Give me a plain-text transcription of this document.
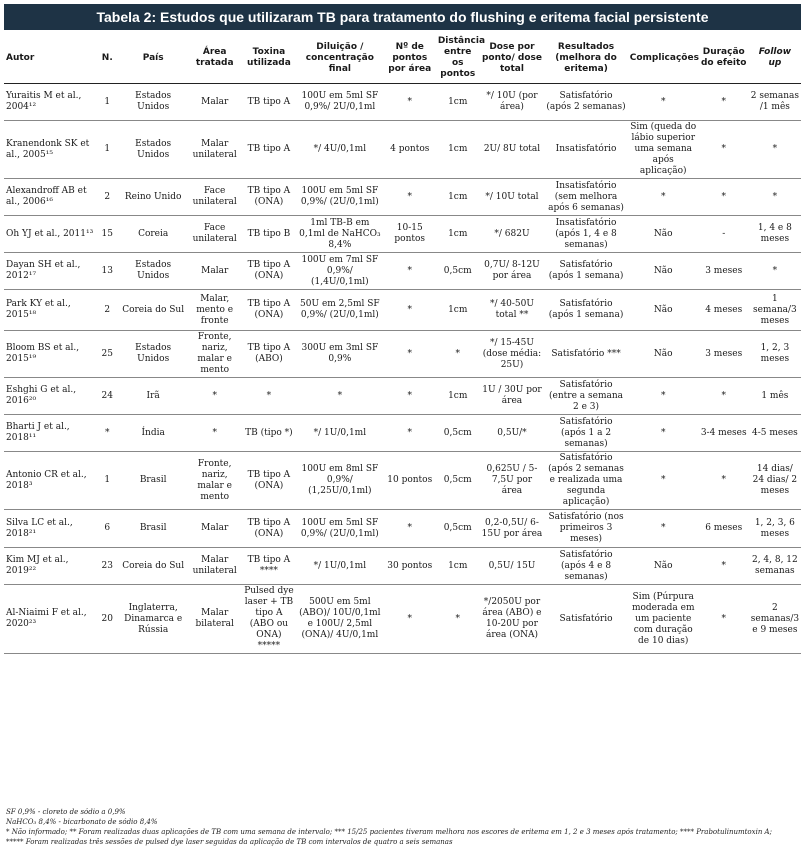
Tabela 2: Estudos que utilizaram TB para tratamento do flushing e eritema facial persistente
Autor	N.	País	Área tratada	Toxina utilizada	Diluição / concentração final	Nº de pontos por área	Distância entre os pontos	Dose por ponto/ dose total	Resultados (melhora do eritema)	Complicações	Duração do efeito	Follow up
Yuraitis M et al., 2004¹²	1	Estados Unidos	Malar	TB tipo A	100U em 5ml SF 0,9%/ 2U/0,1ml	*	1cm	*/ 10U (por área)	Satisfatório (após 2 semanas)	*	*	2 semanas /1 mês
Kranendonk SK et al., 2005¹⁵	1	Estados Unidos	Malar unilateral	TB tipo A	*/ 4U/0,1ml	4 pontos	1cm	2U/ 8U total	Insatisfatório	Sim (queda do lábio superior uma semana após aplicação)	*	*
Alexandroff AB et al., 2006¹⁶	2	Reino Unido	Face unilateral	TB tipo A (ONA)	100U em 5ml SF 0,9%/ (2U/0,1ml)	*	1cm	*/ 10U total	Insatisfatório (sem melhora após 6 semanas)	*	*	*
Oh YJ et al., 2011¹³	15	Coreia	Face unilateral	TB tipo B	1ml TB-B em 0,1ml de NaHCO₃ 8,4%	10-15 pontos	1cm	*/ 682U	Insatisfatório (após 1, 4 e 8 semanas)	Não	-	1, 4 e 8 meses
Dayan SH et al., 2012¹⁷	13	Estados Unidos	Malar	TB tipo A (ONA)	100U em 7ml SF 0,9%/ (1,4U/0,1ml)	*	0,5cm	0,7U/ 8-12U por área	Satisfatório (após 1 semana)	Não	3 meses	*
Park KY et al., 2015¹⁸	2	Coreia do Sul	Malar, mento e fronte	TB tipo A (ONA)	50U em 2,5ml SF 0,9%/ (2U/0,1ml)	*	1cm	*/ 40-50U total **	Satisfatório (após 1 semana)	Não	4 meses	1 semana/3 meses
Bloom BS et al., 2015¹⁹	25	Estados Unidos	Fronte, nariz, malar e mento	TB tipo A (ABO)	300U em 3ml SF 0,9%	*	*	*/ 15-45U (dose média: 25U)	Satisfatório ***	Não	3 meses	1, 2, 3 meses
Eshghi G et al., 2016²⁰	24	Irã	*	*	*	*	1cm	1U / 30U por área	Satisfatório (entre a semana 2 e 3)	*	*	1 mês
Bharti J et al., 2018¹¹	*	Índia	*	TB (tipo *)	*/ 1U/0,1ml	*	0,5cm	0,5U/*	Satisfatório (após 1 a 2 semanas)	*	3-4 meses	4-5 meses
Antonio CR et al., 2018³	1	Brasil	Fronte, nariz, malar e mento	TB tipo A (ONA)	100U em 8ml SF 0,9%/ (1,25U/0,1ml)	10 pontos	0,5cm	0,625U / 5-7,5U por área	Satisfatório (após 2 semanas e realizada uma segunda aplicação)	*	*	14 dias/ 24 dias/ 2 meses
Silva LC et al., 2018²¹	6	Brasil	Malar	TB tipo A (ONA)	100U em 5ml SF 0,9%/ (2U/0,1ml)	*	0,5cm	0,2-0,5U/ 6-15U por área	Satisfatório (nos primeiros 3 meses)	*	6 meses	1, 2, 3, 6 meses
Kim MJ et al., 2019²²	23	Coreia do Sul	Malar unilateral	TB tipo A ****	*/ 1U/0,1ml	30 pontos	1cm	0,5U/ 15U	Satisfatório (após 4 e 8 semanas)	Não	*	2, 4, 8, 12 semanas
Al-Niaimi F et al., 2020²³	20	Inglaterra, Dinamarca e Rússia	Malar bilateral	Pulsed dye laser + TB tipo A (ABO ou ONA) *****	500U em 5ml (ABO)/ 10U/0,1ml e 100U/ 2,5ml (ONA)/ 4U/0,1ml	*	*	*/2050U por área (ABO) e 10-20U por área (ONA)	Satisfatório	Sim (Púrpura moderada em um paciente com duração de 10 dias)	*	2 semanas/3 e 9 meses
SF 0,9% - cloreto de sódio a 0,9%
NaHCO₃ 8,4% - bicarbonato de sódio 8,4%
* Não informado; ** Foram realizadas duas aplicações de TB com uma semana de intervalo; *** 15/25 pacientes tiveram melhora nos escores de eritema em 1, 2 e 3 meses após tratamento; **** Prabotulinumtoxin A;
***** Foram realizadas três sessões de pulsed dye laser seguidas da aplicação de TB com intervalos de quatro a seis semanas
